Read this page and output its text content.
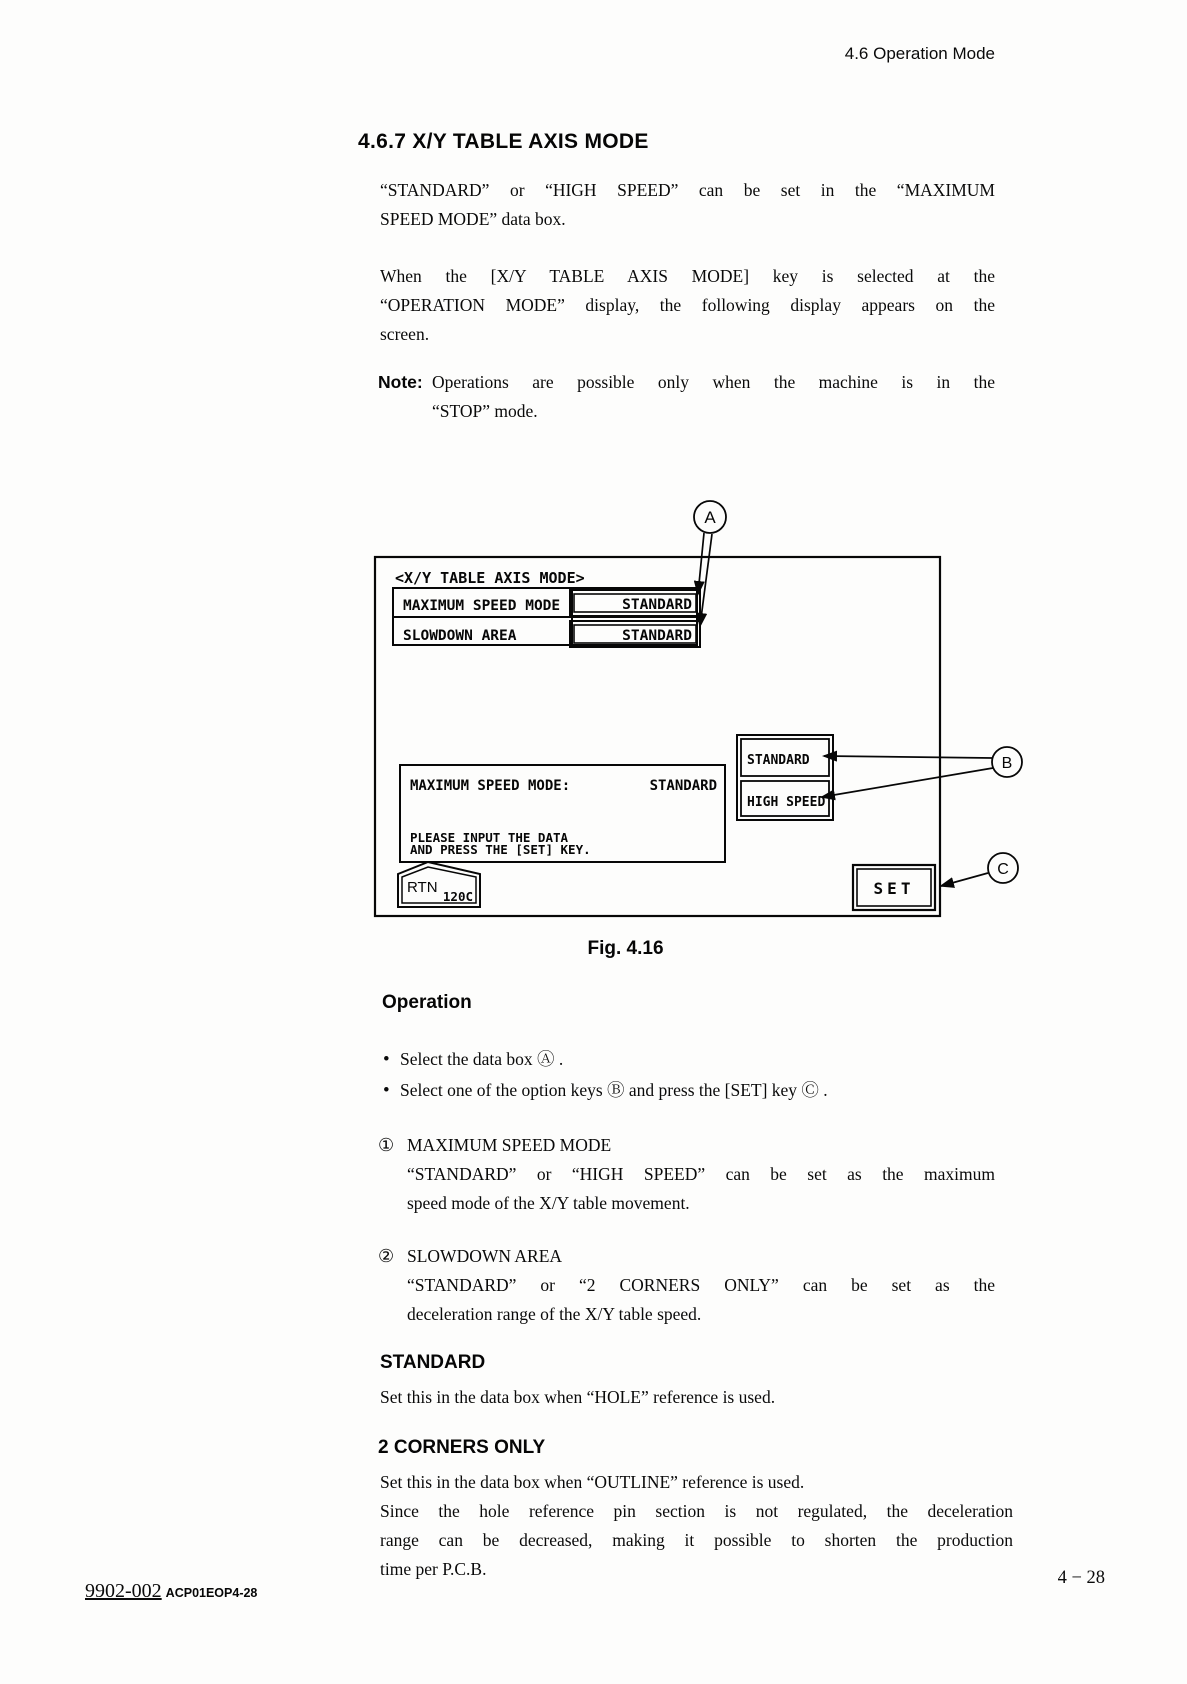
4.6 Operation Mode
4.6.7 X/Y TABLE AXIS MODE
“STANDARD” or “HIGH SPEED” can be set in the “MAXIMUM
SPEED MODE” data box.
When the [X/Y TABLE AXIS MODE] key is selected at the
“OPERATION MODE” display, the following display appears on the
screen.
Note: Operations are possible only when the machine is in the
“STOP” mode.
<X/Y TABLE AXIS MODE>
MAXIMUM SPEED MODE
SLOWDOWN AREA
STANDARD
STANDARD
A
MAXIMUM SPEED MODE:	STANDARD
PLEASE INPUT THE DATA
AND PRESS THE [SET] KEY.
RTN
120C
STANDARD
HIGH SPEED
B
SET
C
Fig. 4.16
Operation
•
Select the data box Ⓐ .
•
Select one of the option keys Ⓑ and press the [SET] key Ⓒ .
① MAXIMUM SPEED MODE
“STANDARD” or “HIGH SPEED” can be set as the maximum
speed mode of the X/Y table movement.
② SLOWDOWN AREA
“STANDARD” or “2 CORNERS ONLY” can be set as the
deceleration range of the X/Y table speed.
STANDARD
Set this in the data box when “HOLE” reference is used.
2 CORNERS ONLY
Set this in the data box when “OUTLINE” reference is used.
Since the hole reference pin section is not regulated, the deceleration
range can be decreased, making it possible to shorten the production
time per P.C.B.
9902-002 ACP01EOP4-28
4 − 28
